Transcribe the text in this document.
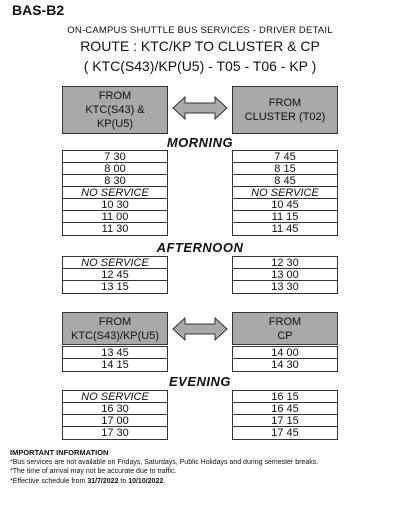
BAS-B2
ON-CAMPUS SHUTTLE BUS SERVICES - DRIVER DETAIL
ROUTE : KTC/KP TO CLUSTER & CP
( KTC(S43)/KP(U5) - T05 - T06 - KP )
FROM
KTC(S43) &
KP(U5)
FROM
CLUSTER (T02)
MORNING
7 30
8 00
8 30
NO SERVICE
10 30
11 00
11 30
7 45
8 15
8 45
NO SERVICE
10 45
11 15
11 45
AFTERNOON
NO SERVICE
12 45
13 15
12 30
13 00
13 30
FROM
KTC(S43)/KP(U5)
FROM
CP
13 45
14 15
14 00
14 30
EVENING
NO SERVICE
16 30
17 00
17 30
16 15
16 45
17 15
17 45
IMPORTANT INFORMATION
*Bus services are not available on Fridays, Saturdays, Public Holidays and during semester breaks.
*The time of arrival may not be accurate due to traffic.
*Effective schedule from 31/7/2022 to 10/10/2022.
